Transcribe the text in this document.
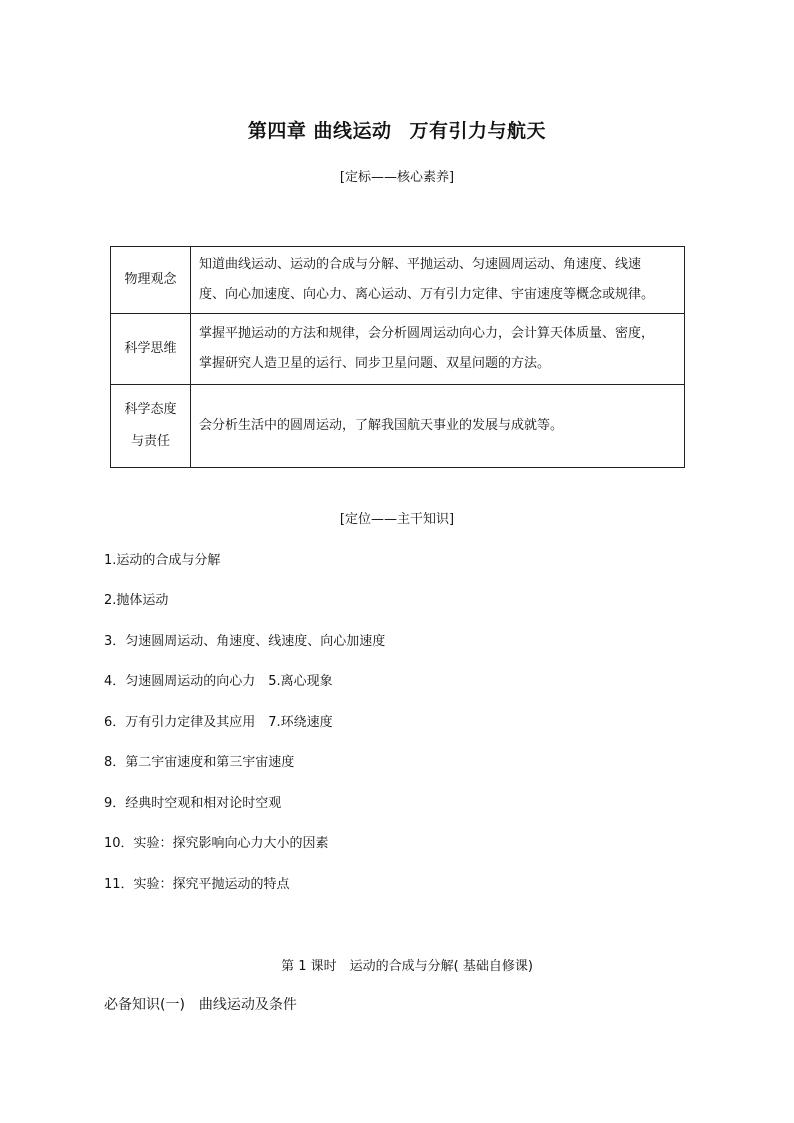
第四章 曲线运动 万有引力与航天
[定标——核心素养]
物理观念	知道曲线运动、运动的合成与分解、平抛运动、匀速圆周运动、角速度、线速
度、向心加速度、向心力、离心运动、万有引力定律、宇宙速度等概念或规律。

科学思维	掌握平抛运动的方法和规律，会分析圆周运动向心力，会计算天体质量、密度，
掌握研究人造卫星的运行、同步卫星问题、双星问题的方法。

科学态度
与责任	会分析生活中的圆周运动，了解我国航天事业的发展与成就等。
[定位——主干知识]
1.运动的合成与分解
2.抛体运动
3．匀速圆周运动、角速度、线速度、向心加速度
4．匀速圆周运动的向心力　5.离心现象
6．万有引力定律及其应用　7.环绕速度
8．第二宇宙速度和第三宇宙速度
9．经典时空观和相对论时空观
10．实验：探究影响向心力大小的因素
11．实验：探究平抛运动的特点
第 1 课时　运动的合成与分解( 基础自修课)
必备知识(一)　曲线运动及条件
